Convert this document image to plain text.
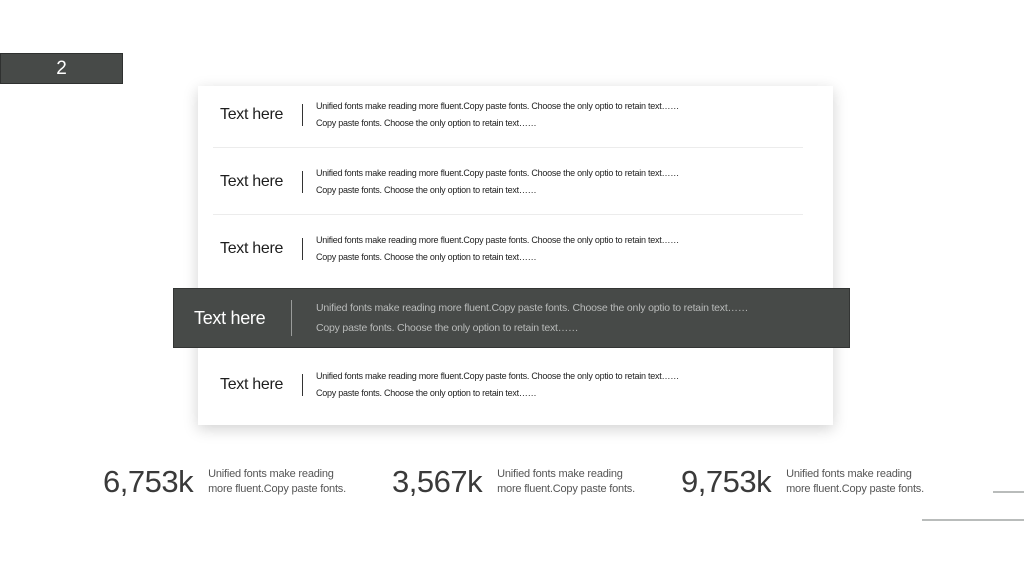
2
Text here	Unified fonts make reading more fluent.Copy paste fonts. Choose the only optio to retain text……
Copy paste fonts. Choose the only option to retain text……
Text here	Unified fonts make reading more fluent.Copy paste fonts. Choose the only optio to retain text……
Copy paste fonts. Choose the only option to retain text……
Text here	Unified fonts make reading more fluent.Copy paste fonts. Choose the only optio to retain text……
Copy paste fonts. Choose the only option to retain text……
Text here	Unified fonts make reading more fluent.Copy paste fonts. Choose the only optio to retain text……
Copy paste fonts. Choose the only option to retain text……
Text here	Unified fonts make reading more fluent.Copy paste fonts. Choose the only optio to retain text……
Copy paste fonts. Choose the only option to retain text……
6,753k Unified fonts make reading
more fluent.Copy paste fonts. 3,567k Unified fonts make reading
more fluent.Copy paste fonts. 9,753k Unified fonts make reading
more fluent.Copy paste fonts.
